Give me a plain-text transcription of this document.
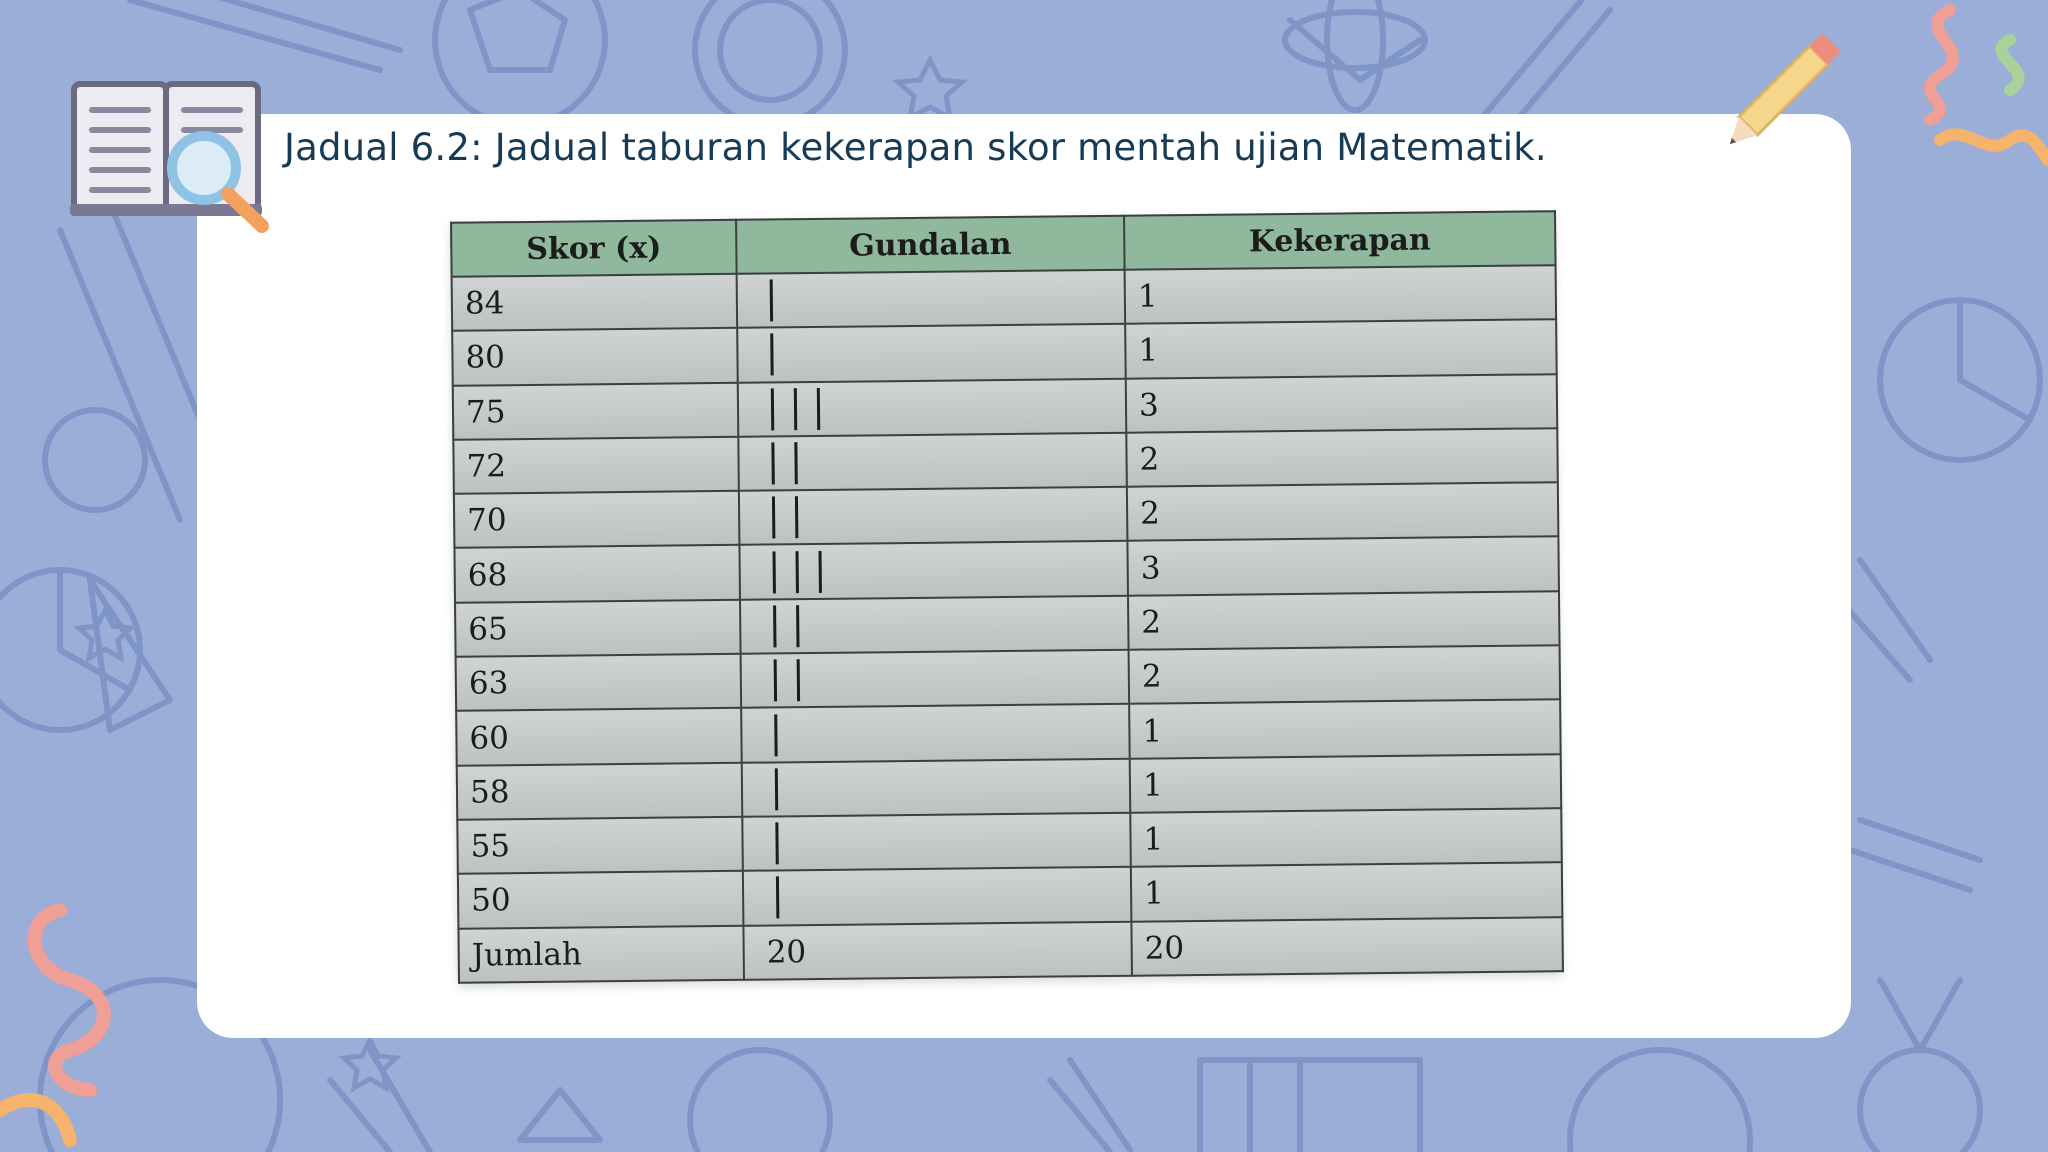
Jadual 6.2: Jadual taburan kekerapan skor mentah ujian Matematik.
Skor (x)	Gundalan	Kekerapan
84		1
80		1
75		3
72		2
70		2
68		3
65		2
63		2
60		1
58		1
55		1
50		1
Jumlah	20	20
